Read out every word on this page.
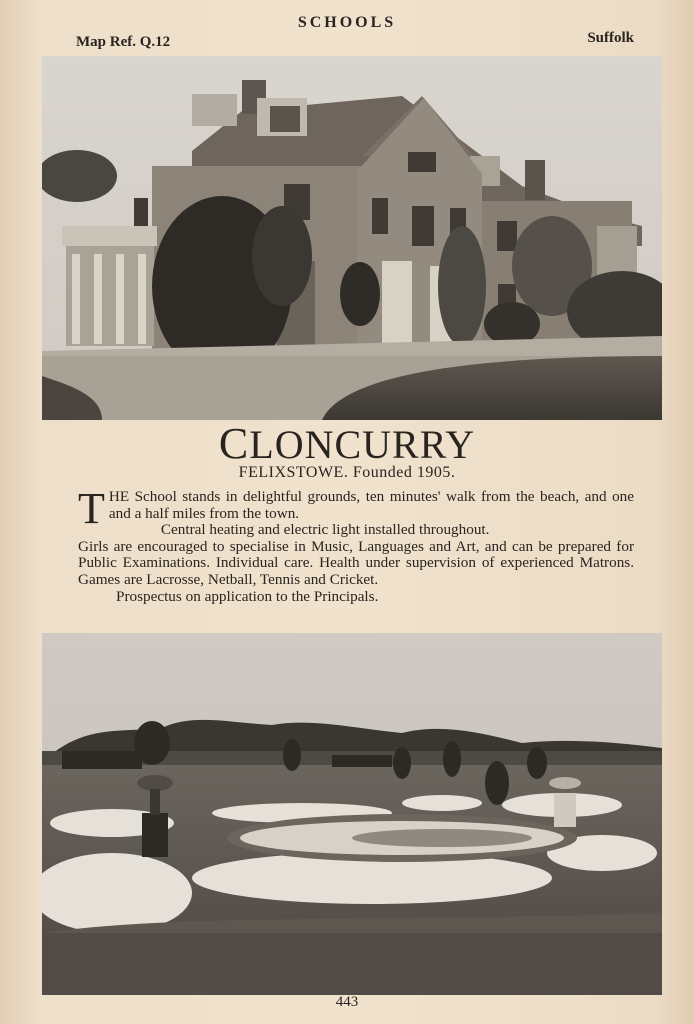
SCHOOLS
Map Ref. Q.12	Suffolk
CLONCURRY
FELIXSTOWE. Founded 1905.
THE School stands in delightful grounds, ten minutes' walk from the beach, and one and a half miles from the town.
Central heating and electric light installed throughout.
Girls are encouraged to specialise in Music, Languages and Art, and can be prepared for Public Examinations. Individual care. Health under supervision of experienced Matrons. Games are Lacrosse, Netball, Tennis and Cricket.
Prospectus on application to the Principals.
443
